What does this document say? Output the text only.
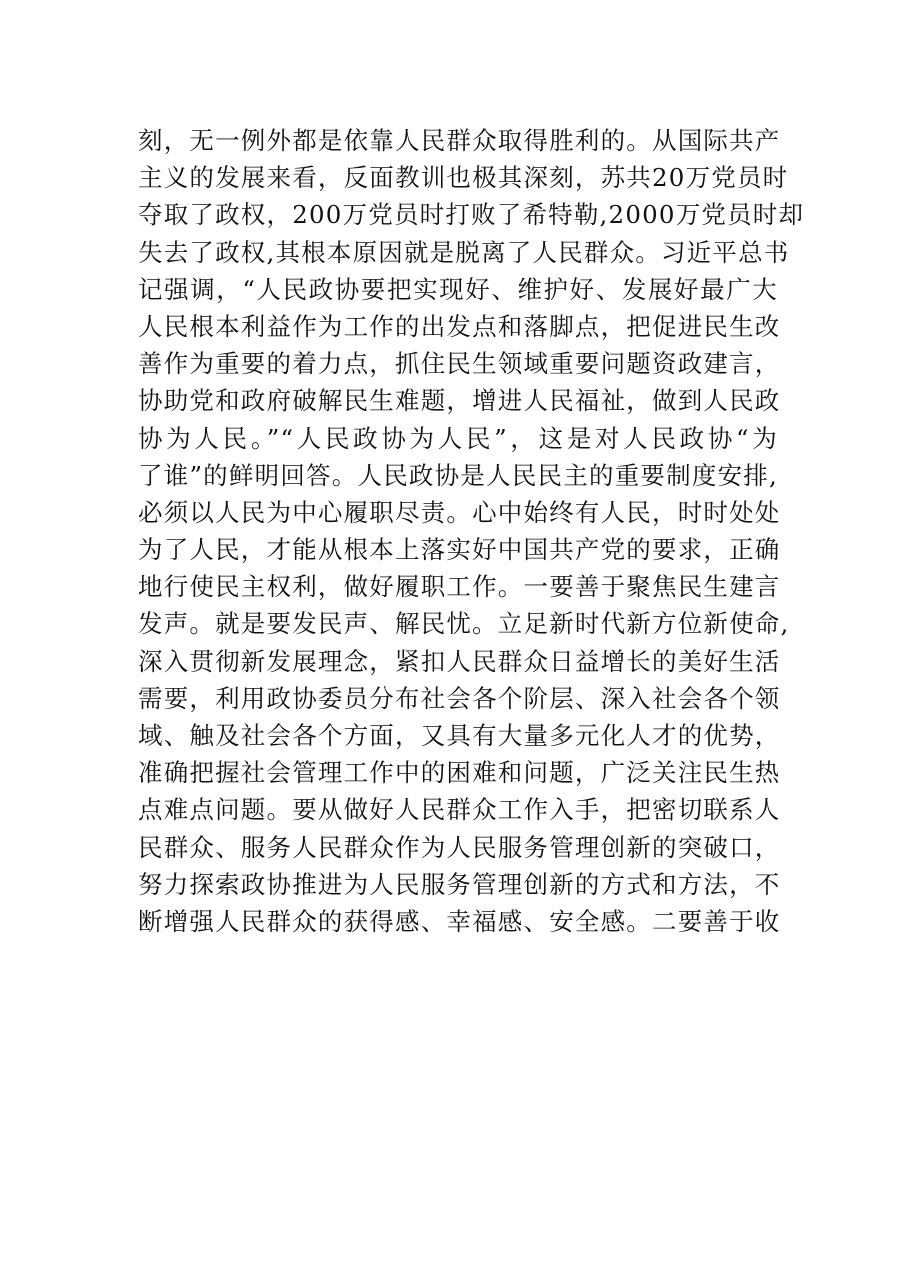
刻，无一例外都是依靠人民群众取得胜利的。从国际共产
主义的发展来看，反面教训也极其深刻，苏共20万党员时
夺取了政权，200万党员时打败了希特勒,2000万党员时却
失去了政权,其根本原因就是脱离了人民群众。习近平总书
记强调，“人民政协要把实现好、维护好、发展好最广大
人民根本利益作为工作的出发点和落脚点，把促进民生改
善作为重要的着力点，抓住民生领域重要问题资政建言，
协助党和政府破解民生难题，增进人民福祉，做到人民政
协为人民。”“人民政协为人民”，这是对人民政协“为
了谁”的鲜明回答。人民政协是人民民主的重要制度安排,
必须以人民为中心履职尽责。心中始终有人民，时时处处
为了人民，才能从根本上落实好中国共产党的要求，正确
地行使民主权利，做好履职工作。一要善于聚焦民生建言
发声。就是要发民声、解民忧。立足新时代新方位新使命,
深入贯彻新发展理念，紧扣人民群众日益增长的美好生活
需要，利用政协委员分布社会各个阶层、深入社会各个领
域、触及社会各个方面，又具有大量多元化人才的优势，
准确把握社会管理工作中的困难和问题，广泛关注民生热
点难点问题。要从做好人民群众工作入手，把密切联系人
民群众、服务人民群众作为人民服务管理创新的突破口，
努力探索政协推进为人民服务管理创新的方式和方法，不
断增强人民群众的获得感、幸福感、安全感。二要善于收
